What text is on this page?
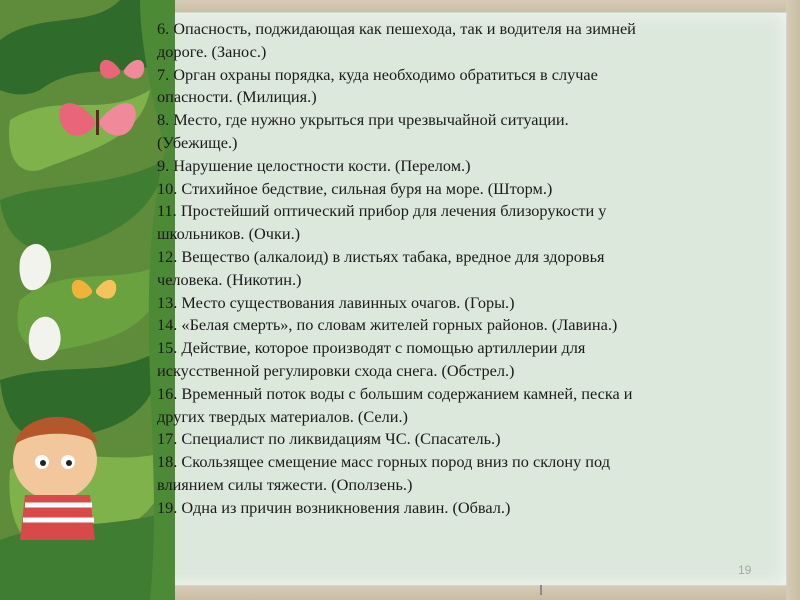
6. Опасность, поджидающая как пешехода, так и водителя на зимней
дороге. (Занос.)
7. Орган охраны порядка, куда необходимо обратиться в случае
опасности. (Милиция.)
8. Место, где нужно укрыться при чрезвычайной ситуации.
(Убежище.)
9. Нарушение целостности кости. (Перелом.)
10. Стихийное бедствие, сильная буря на море. (Шторм.)
11. Простейший оптический прибор для лечения близорукости у
школьников. (Очки.)
12. Вещество (алкалоид) в листьях табака, вредное для здоровья
человека. (Никотин.)
13. Место существования лавинных очагов. (Горы.)
14. «Белая смерть», по словам жителей горных районов. (Лавина.)
15. Действие, которое производят с помощью артиллерии для
искусственной регулировки схода снега. (Обстрел.)
16. Временный поток воды с большим содержанием камней, песка и
других твердых материалов. (Сели.)
17. Специалист по ликвидациям ЧС. (Спасатель.)
18. Скользящее смещение масс горных пород вниз по склону под
влиянием силы тяжести. (Оползень.)
19. Одна из причин возникновения лавин. (Обвал.)
19
